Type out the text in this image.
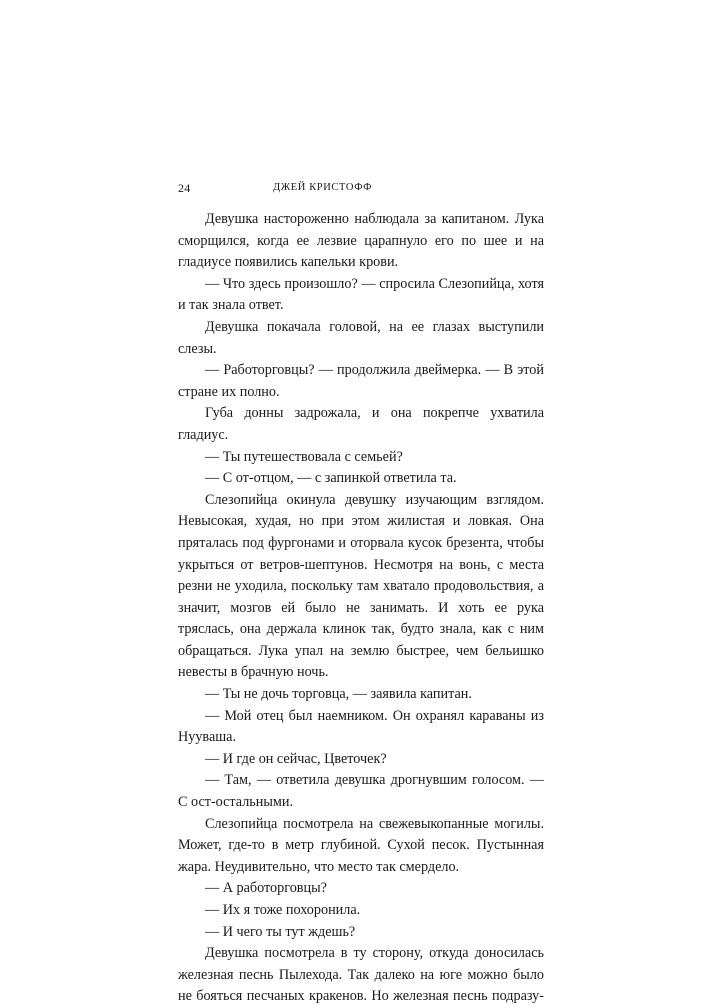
24	ДЖЕЙ КРИСТОФФ

Девушка настороженно наблюдала за капитаном. Лука сморщился, когда ее лезвие царапнуло его по шее и на гладиусе появились капельки крови.

— Что здесь произошло? — спросила Слезопийца, хотя и так знала ответ.

Девушка покачала головой, на ее глазах выступили слезы.

— Работорговцы? — продолжила двеймерка. — В этой стране их полно.

Губа донны задрожала, и она покрепче ухватила гладиус.

— Ты путешествовала с семьей?

— С от-отцом, — с запинкой ответила та.

Слезопийца окинула девушку изучающим взглядом. Невысокая, худая, но при этом жилистая и ловкая. Она пряталась под фургонами и оторвала кусок брезента, чтобы укрыться от ветров-шептунов. Несмотря на вонь, с места резни не уходила, поскольку там хватало продовольствия, а значит, мозгов ей было не занимать. И хоть ее рука тряслась, она держала клинок так, будто знала, как с ним обращаться. Лука упал на землю быстрее, чем бельишко невесты в брачную ночь.

— Ты не дочь торговца, — заявила капитан.

— Мой отец был наемником. Он охранял караваны из Нууваша.

— И где он сейчас, Цветочек?

— Там, — ответила девушка дрогнувшим голосом. — С ост-остальными.

Слезопийца посмотрела на свежевыкопанные могилы. Может, где-то в метр глубиной. Сухой песок. Пустынная жара. Неудивительно, что место так смердело.

— А работорговцы?

— Их я тоже похоронила.

— И чего ты тут ждешь?

Девушка посмотрела в ту сторону, откуда доносилась железная песнь Пылехода. Так далеко на юге можно было не бояться песчаных кракенов. Но железная песнь подразу-
